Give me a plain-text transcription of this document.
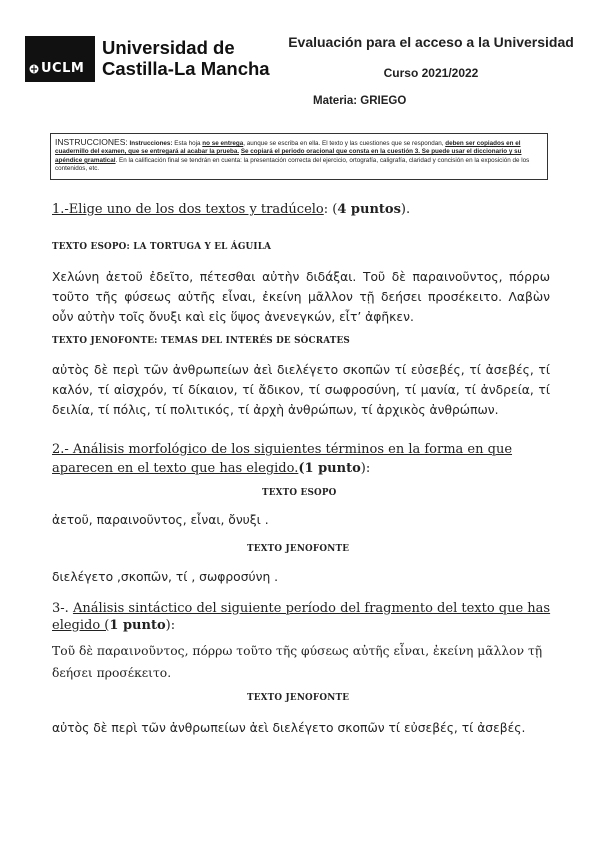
UCLM
Universidad de
Castilla-La Mancha
Evaluación para el acceso a la Universidad
Curso 2021/2022
Materia: GRIEGO
INSTRUCCIONES: Instrucciones: Esta hoja no se entrega, aunque se escriba en ella. El texto y las cuestiones que se respondan, deben ser copiados en el cuadernillo del examen, que se entregará al acabar la prueba. Se copiará el periodo oracional que consta en la cuestión 3. Se puede usar el diccionario y su apéndice gramatical. En la calificación final se tendrán en cuenta: la presentación correcta del ejercicio, ortografía, caligrafía, claridad y concisión en la exposición de los contenidos, etc.
1.-Elige uno de los dos textos y tradúcelo: (4 puntos).
TEXTO ESOPO: LA TORTUGA Y EL ÁGUILA
Χελώνη ἀετοῦ ἐδεῖτο, πέτεσθαι αὐτὴν διδάξαι. Τοῦ δὲ παραινοῦντος, πόρρω τοῦτο τῆς φύσεως αὐτῆς εἶναι, ἐκείνη μᾶλλον τῇ δεήσει προσέκειτο. Λαβὼν οὖν αὐτὴν τοῖς ὄνυξι καὶ εἰς ὕψος ἀνενεγκών, εἶτ’ ἀφῆκεν.
TEXTO JENOFONTE: TEMAS DEL INTERÉS DE SÓCRATES
αὐτὸς δὲ περὶ τῶν ἀνθρωπείων ἀεὶ διελέγετο σκοπῶν τί εὐσεβές, τί ἀσεβές, τί καλόν, τί αἰσχρόν, τί δίκαιον, τί ἄδικον, τί σωφροσύνη, τί μανία, τί ἀνδρεία, τί δειλία, τί πόλις, τί πολιτικός, τί ἀρχὴ ἀνθρώπων, τί ἀρχικὸς ἀνθρώπων.
2.- Análisis morfológico de los siguientes términos en la forma en que aparecen en el texto que has elegido.(1 punto):
TEXTO ESOPO
ἀετοῦ, παραινοῦντος, εἶναι, ὄνυξι .
TEXTO JENOFONTE
διελέγετο ,σκοπῶν, τί , σωφροσύνη .
3-. Análisis sintáctico del siguiente período del fragmento del texto que has elegido (1 punto):
Τοῦ δὲ παραινοῦντος, πόρρω τοῦτο τῆς φύσεως αὐτῆς εἶναι, ἐκείνη μᾶλλον τῇ δεήσει προσέκειτο.
TEXTO JENOFONTE
αὐτὸς δὲ περὶ τῶν ἀνθρωπείων ἀεὶ διελέγετο σκοπῶν τί εὐσεβές, τί ἀσεβές.
